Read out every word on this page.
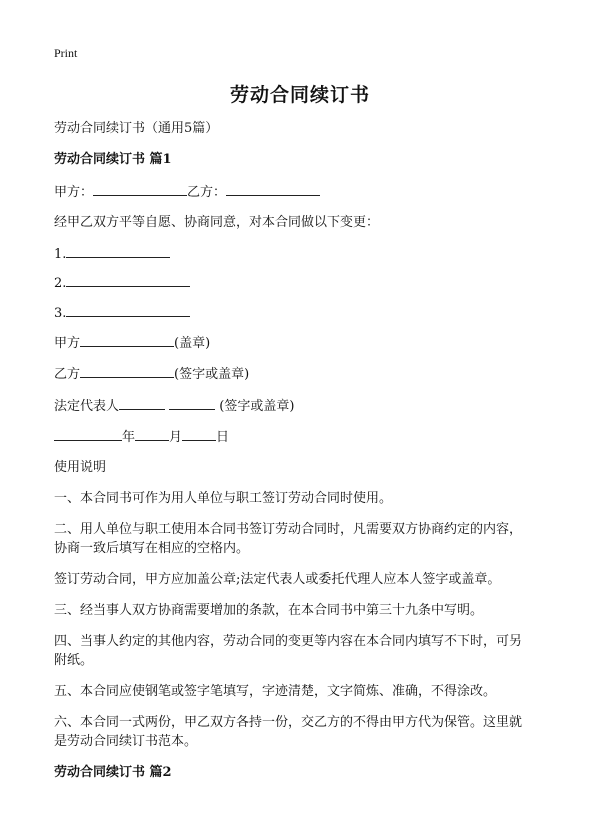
Print
劳动合同续订书
劳动合同续订书（通用5篇）
劳动合同续订书 篇1
甲方：	乙方：
经甲乙双方平等自愿、协商同意，对本合同做以下变更：
1.
2.
3.
甲方	(盖章)
乙方	(签字或盖章)
法定代表人	(签字或盖章)
年	月	日
使用说明
一、本合同书可作为用人单位与职工签订劳动合同时使用。
二、用人单位与职工使用本合同书签订劳动合同时，凡需要双方协商约定的内容，
协商一致后填写在相应的空格内。
签订劳动合同，甲方应加盖公章;法定代表人或委托代理人应本人签字或盖章。
三、经当事人双方协商需要增加的条款，在本合同书中第三十九条中写明。
四、当事人约定的其他内容，劳动合同的变更等内容在本合同内填写不下时，可另
附纸。
五、本合同应使钢笔或签字笔填写，字迹清楚，文字简炼、准确，不得涂改。
六、本合同一式两份，甲乙双方各持一份，交乙方的不得由甲方代为保管。这里就
是劳动合同续订书范本。
劳动合同续订书 篇2
